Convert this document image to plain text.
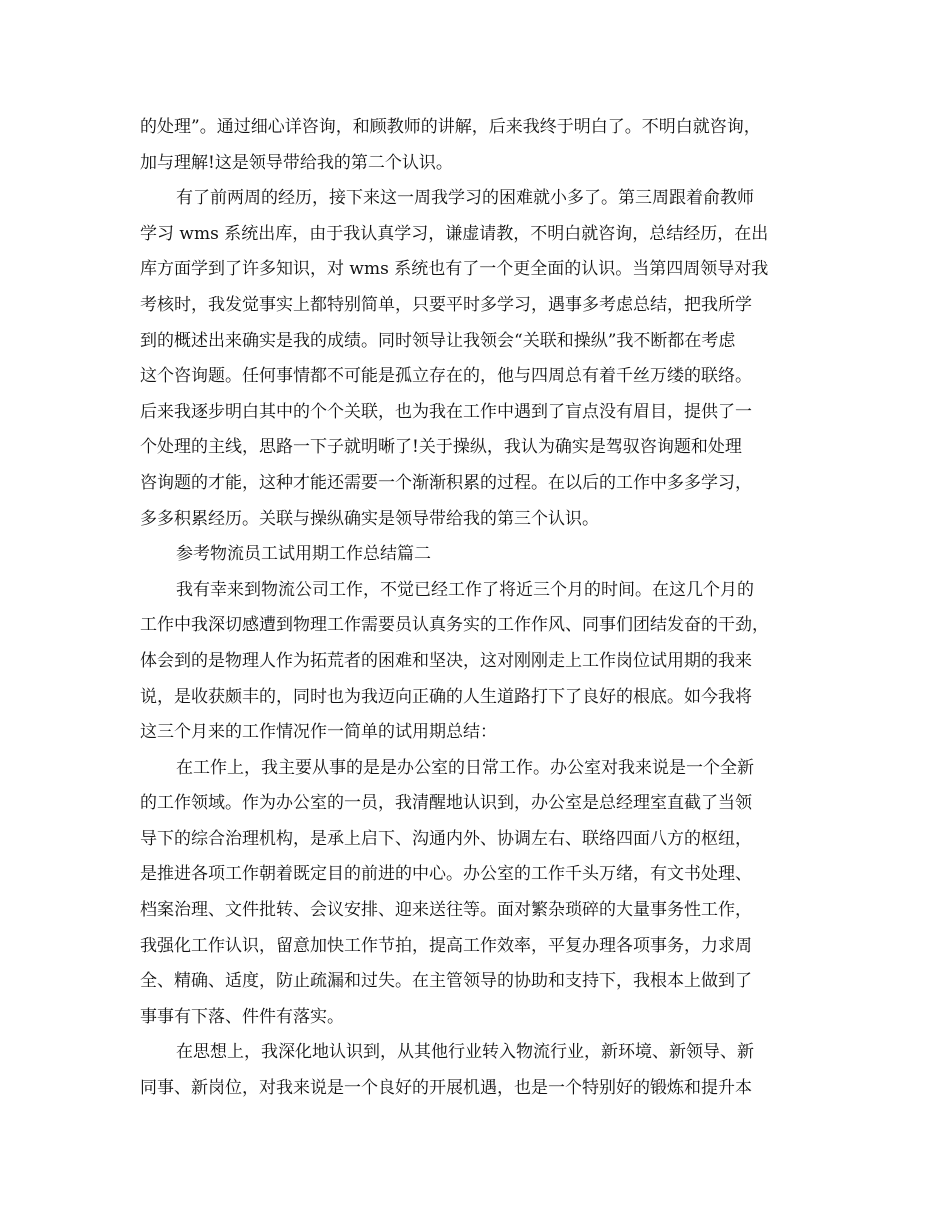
的处理”。通过细心详咨询，和顾教师的讲解，后来我终于明白了。不明白就咨询，
加与理解!这是领导带给我的第二个认识。
有了前两周的经历，接下来这一周我学习的困难就小多了。第三周跟着俞教师
学习 wms 系统出库，由于我认真学习，谦虚请教，不明白就咨询，总结经历，在出
库方面学到了许多知识，对 wms 系统也有了一个更全面的认识。当第四周领导对我
考核时，我发觉事实上都特别简单，只要平时多学习，遇事多考虑总结，把我所学
到的概述出来确实是我的成绩。同时领导让我领会“关联和操纵”我不断都在考虑
这个咨询题。任何事情都不可能是孤立存在的，他与四周总有着千丝万缕的联络。
后来我逐步明白其中的个个关联，也为我在工作中遇到了盲点没有眉目，提供了一
个处理的主线，思路一下子就明晰了!关于操纵，我认为确实是驾驭咨询题和处理
咨询题的才能，这种才能还需要一个渐渐积累的过程。在以后的工作中多多学习，
多多积累经历。关联与操纵确实是领导带给我的第三个认识。
参考物流员工试用期工作总结篇二
我有幸来到物流公司工作，不觉已经工作了将近三个月的时间。在这几个月的
工作中我深切感遭到物理工作需要员认真务实的工作作风、同事们团结发奋的干劲，
体会到的是物理人作为拓荒者的困难和坚决，这对刚刚走上工作岗位试用期的我来
说，是收获颇丰的，同时也为我迈向正确的人生道路打下了良好的根底。如今我将
这三个月来的工作情况作一简单的试用期总结：
在工作上，我主要从事的是是办公室的日常工作。办公室对我来说是一个全新
的工作领域。作为办公室的一员，我清醒地认识到，办公室是总经理室直截了当领
导下的综合治理机构，是承上启下、沟通内外、协调左右、联络四面八方的枢纽，
是推进各项工作朝着既定目的前进的中心。办公室的工作千头万绪，有文书处理、
档案治理、文件批转、会议安排、迎来送往等。面对繁杂琐碎的大量事务性工作，
我强化工作认识，留意加快工作节拍，提高工作效率，平复办理各项事务，力求周
全、精确、适度，防止疏漏和过失。在主管领导的协助和支持下，我根本上做到了
事事有下落、件件有落实。
在思想上，我深化地认识到，从其他行业转入物流行业，新环境、新领导、新
同事、新岗位，对我来说是一个良好的开展机遇，也是一个特别好的锻炼和提升本
